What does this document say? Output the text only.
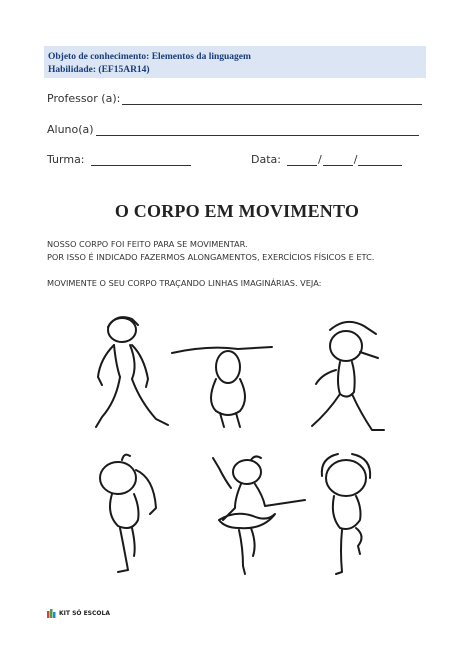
Objeto de conhecimento: Elementos da linguagem
Habilidade: (EF15AR14)
Professor (a):
Aluno(a)
Turma:	Data:	/	/
O CORPO EM MOVIMENTO
NOSSO CORPO FOI FEITO PARA SE MOVIMENTAR.
POR ISSO É INDICADO FAZERMOS ALONGAMENTOS, EXERCÍCIOS FÍSICOS E ETC.
MOVIMENTE O SEU CORPO TRAÇANDO LINHAS IMAGINÁRIAS. VEJA:
KIT SÓ ESCOLA
